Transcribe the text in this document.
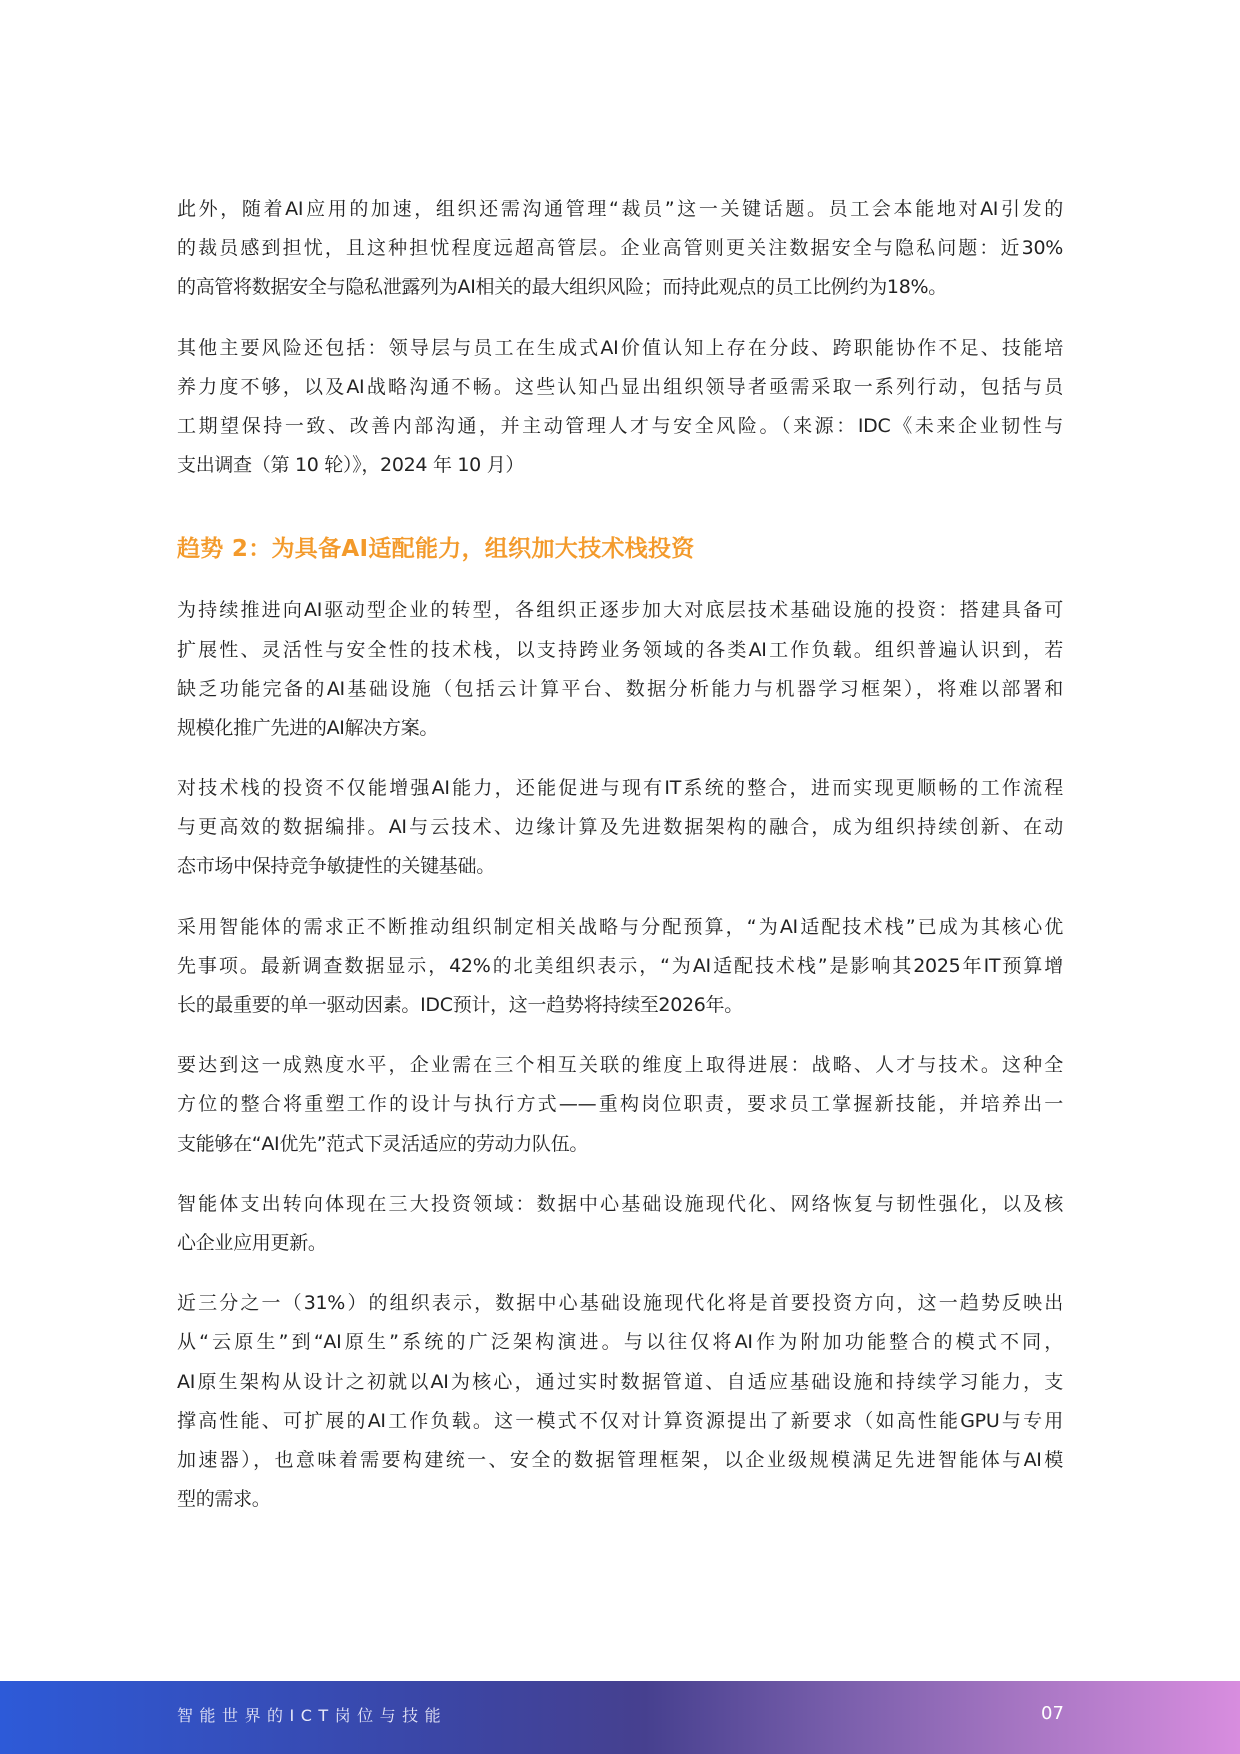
此外，随着AI应用的加速，组织还需沟通管理“裁员”这一关键话题。员工会本能地对AI引发的
的裁员感到担忧，且这种担忧程度远超高管层。企业高管则更关注数据安全与隐私问题：近30%
的高管将数据安全与隐私泄露列为AI相关的最大组织风险；而持此观点的员工比例约为18%。
其他主要风险还包括：领导层与员工在生成式AI价值认知上存在分歧、跨职能协作不足、技能培
养力度不够，以及AI战略沟通不畅。这些认知凸显出组织领导者亟需采取一系列行动，包括与员
工期望保持一致、改善内部沟通，并主动管理人才与安全风险。（来源：IDC《未来企业韧性与
支出调查（第 10 轮）》，2024 年 10 月）
趋势 2：为具备AI适配能力，组织加大技术栈投资
为持续推进向AI驱动型企业的转型，各组织正逐步加大对底层技术基础设施的投资：搭建具备可
扩展性、灵活性与安全性的技术栈，以支持跨业务领域的各类AI工作负载。组织普遍认识到，若
缺乏功能完备的AI基础设施（包括云计算平台、数据分析能力与机器学习框架），将难以部署和
规模化推广先进的AI解决方案。
对技术栈的投资不仅能增强AI能力，还能促进与现有IT系统的整合，进而实现更顺畅的工作流程
与更高效的数据编排。AI与云技术、边缘计算及先进数据架构的融合，成为组织持续创新、在动
态市场中保持竞争敏捷性的关键基础。
采用智能体的需求正不断推动组织制定相关战略与分配预算，“为AI适配技术栈”已成为其核心优
先事项。最新调查数据显示，42%的北美组织表示，“为AI适配技术栈”是影响其2025年IT预算增
长的最重要的单一驱动因素。IDC预计，这一趋势将持续至2026年。
要达到这一成熟度水平，企业需在三个相互关联的维度上取得进展：战略、人才与技术。这种全
方位的整合将重塑工作的设计与执行方式——重构岗位职责，要求员工掌握新技能，并培养出一
支能够在“AI优先”范式下灵活适应的劳动力队伍。
智能体支出转向体现在三大投资领域：数据中心基础设施现代化、网络恢复与韧性强化，以及核
心企业应用更新。
近三分之一（31%）的组织表示，数据中心基础设施现代化将是首要投资方向，这一趋势反映出
从“云原生”到“AI原生”系统的广泛架构演进。与以往仅将AI作为附加功能整合的模式不同，
AI原生架构从设计之初就以AI为核心，通过实时数据管道、自适应基础设施和持续学习能力，支
撑高性能、可扩展的AI工作负载。这一模式不仅对计算资源提出了新要求（如高性能GPU与专用
加速器），也意味着需要构建统一、安全的数据管理框架，以企业级规模满足先进智能体与AI模
型的需求。
智能世界的ICT岗位与技能	07
